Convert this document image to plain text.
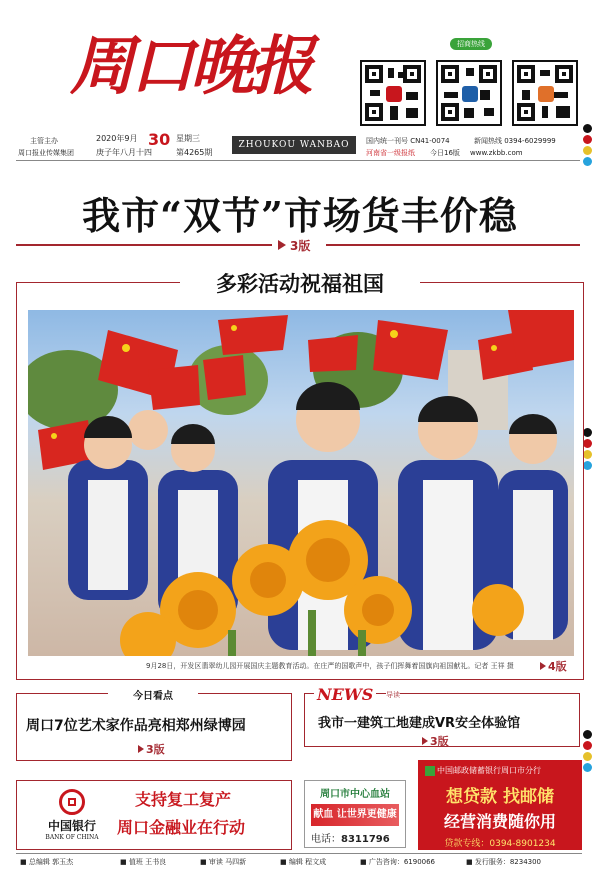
周口晚报	招商热线
主管主办
周口报业传媒集团
2020年9月 30 星期三
庚子年八月十四	第4265期
ZHOUKOU WANBAO	国内统一刊号 CN41-0074	新闻热线 0394-6029999
河南省一级报纸 今日16版 www.zkbb.com
我市“双节”市场货丰价稳
3版
多彩活动祝福祖国
9月28日，开发区翡翠幼儿园开展国庆主题教育活动。在庄严的国歌声中，孩子们挥舞着国旗向祖国献礼。记者 王祥 摄	4版
今日看点
周口7位艺术家作品亮相郑州绿博园
3版
NEWS	导读
我市一建筑工地建成VR安全体验馆
3版
中国银行
BANK OF CHINA
支持复工复产
周口金融业在行动
周口市中心血站
献血 让世界更健康
电话：8311796
中国邮政储蓄银行周口市分行
想贷款 找邮储
经营消费随你用
贷款专线：0394-8901234
■ 总编辑 郭玉杰	■ 值班 王书良	■ 审读 马四新	■ 编辑 程文成	■ 广告咨询：6190066	■ 发行服务：8234300
